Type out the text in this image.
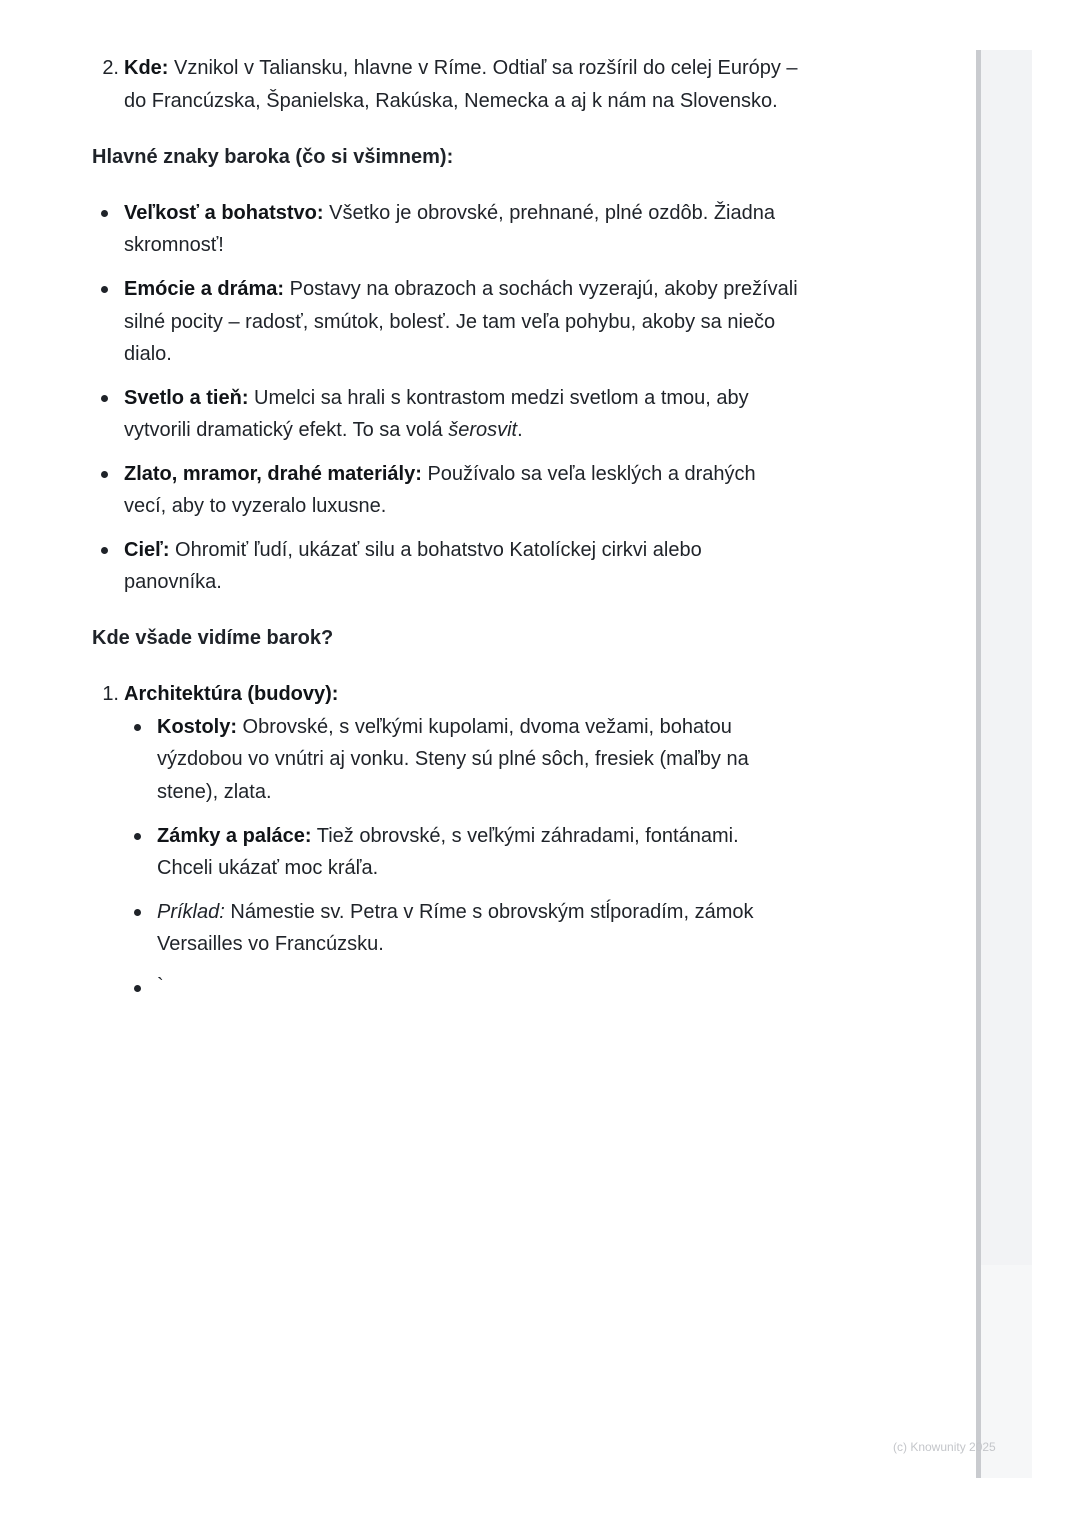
2. Kde: Vznikol v Taliansku, hlavne v Ríme. Odtiaľ sa rozšíril do celej Európy –
do Francúzska, Španielska, Rakúska, Nemecka a aj k nám na Slovensko.
Hlavné znaky baroka (čo si všimnem):
Veľkosť a bohatstvo: Všetko je obrovské, prehnané, plné ozdôb. Žiadna
skromnosť!
Emócie a dráma: Postavy na obrazoch a sochách vyzerajú, akoby prežívali
silné pocity – radosť, smútok, bolesť. Je tam veľa pohybu, akoby sa niečo
dialo.
Svetlo a tieň: Umelci sa hrali s kontrastom medzi svetlom a tmou, aby
vytvorili dramatický efekt. To sa volá šerosvit.
Zlato, mramor, drahé materiály: Používalo sa veľa lesklých a drahých
vecí, aby to vyzeralo luxusne.
Cieľ: Ohromiť ľudí, ukázať silu a bohatstvo Katolíckej cirkvi alebo
panovníka.
Kde všade vidíme barok?
1. Architektúra (budovy):
Kostoly: Obrovské, s veľkými kupolami, dvoma vežami, bohatou
výzdobou vo vnútri aj vonku. Steny sú plné sôch, fresiek (maľby na
stene), zlata.
Zámky a paláce: Tiež obrovské, s veľkými záhradami, fontánami.
Chceli ukázať moc kráľa.
Príklad: Námestie sv. Petra v Ríme s obrovským stĺporadím, zámok
Versailles vo Francúzsku.
`
(c) Knowunity 2025
